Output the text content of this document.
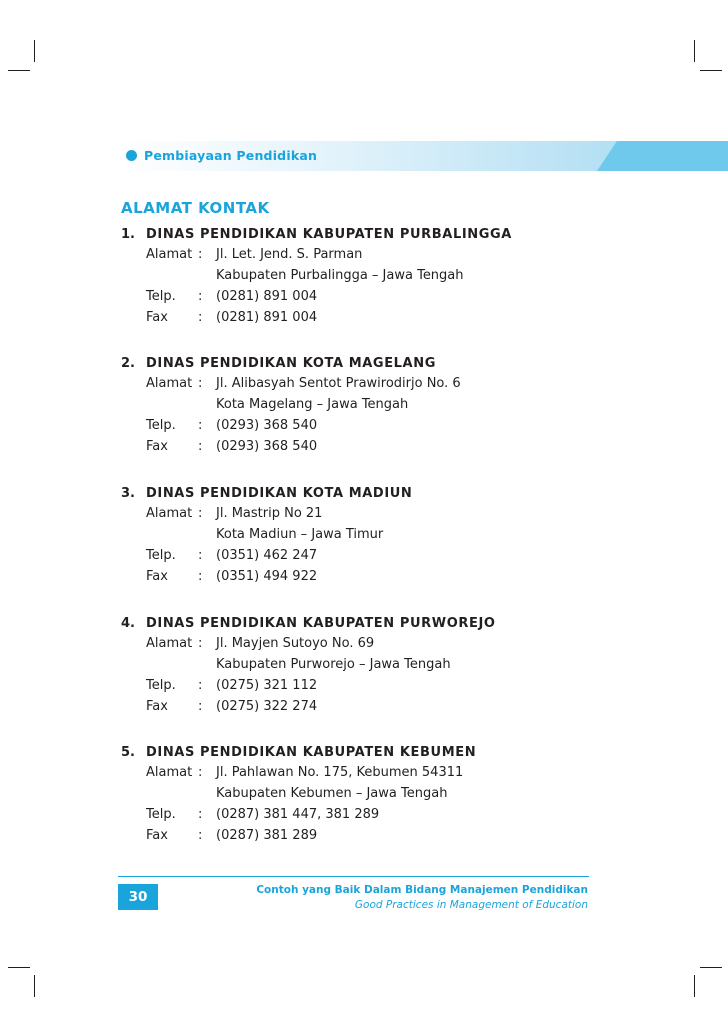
Pembiayaan Pendidikan
ALAMAT KONTAK
1. DINAS PENDIDIKAN KABUPATEN PURBALINGGA
Alamat : Jl. Let. Jend. S. Parman
Kabupaten Purbalingga – Jawa Tengah
Telp. : (0281) 891 004
Fax : (0281) 891 004
2. DINAS PENDIDIKAN KOTA MAGELANG
Alamat : Jl. Alibasyah Sentot Prawirodirjo No. 6
Kota Magelang – Jawa Tengah
Telp. : (0293) 368 540
Fax : (0293) 368 540
3. DINAS PENDIDIKAN KOTA MADIUN
Alamat : Jl. Mastrip No 21
Kota Madiun – Jawa Timur
Telp. : (0351) 462 247
Fax : (0351) 494 922
4. DINAS PENDIDIKAN KABUPATEN PURWOREJO
Alamat : Jl. Mayjen Sutoyo No. 69
Kabupaten Purworejo – Jawa Tengah
Telp. : (0275) 321 112
Fax : (0275) 322 274
5. DINAS PENDIDIKAN KABUPATEN KEBUMEN
Alamat : Jl. Pahlawan No. 175, Kebumen 54311
Kabupaten Kebumen – Jawa Tengah
Telp. : (0287) 381 447, 381 289
Fax : (0287) 381 289
30	Contoh yang Baik Dalam Bidang Manajemen Pendidikan
Good Practices in Management of Education
